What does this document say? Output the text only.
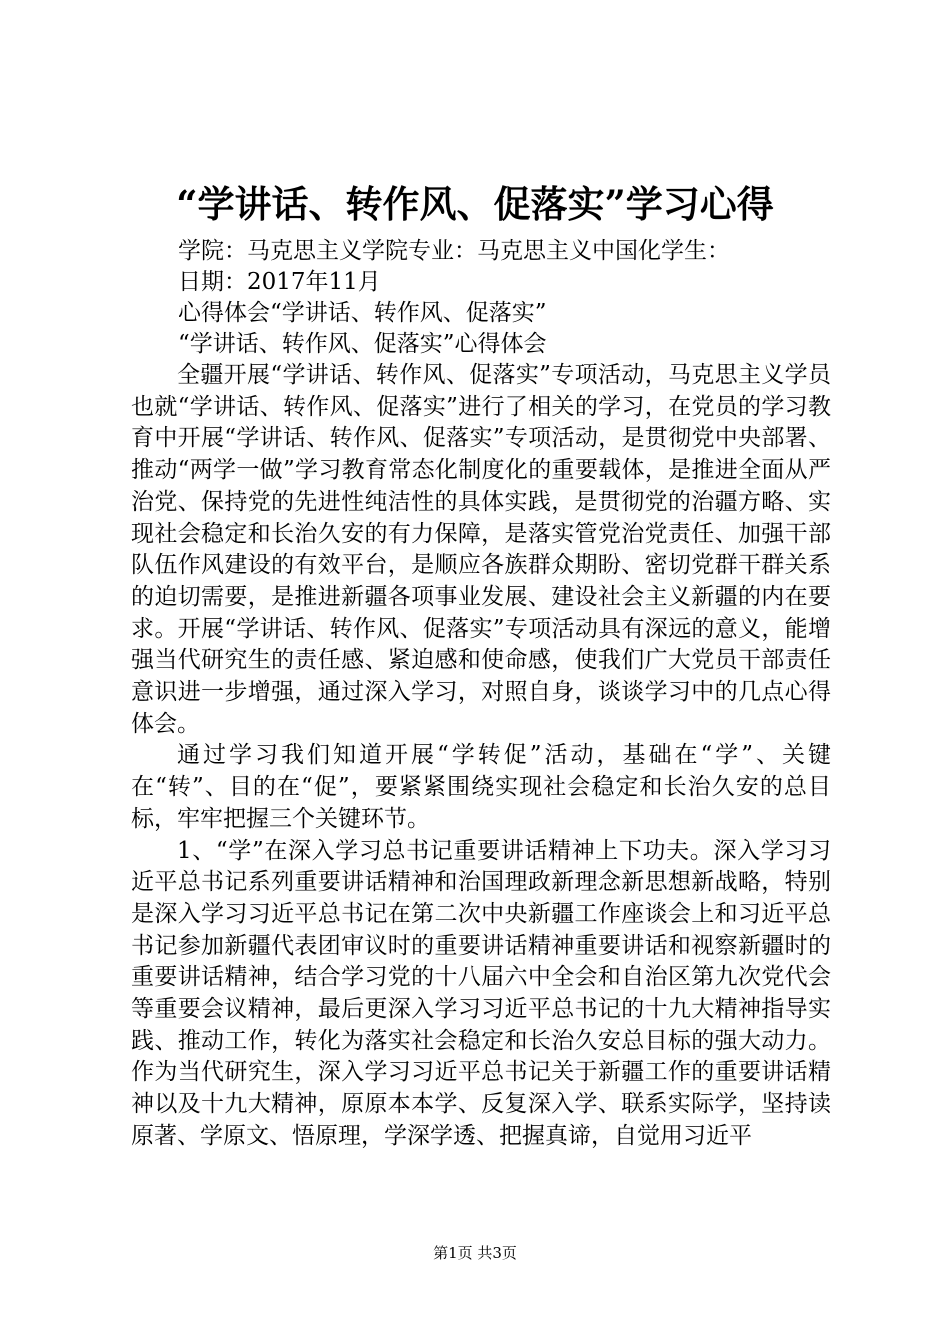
“学讲话、转作风、促落实”学习心得
学院：马克思主义学院专业：马克思主义中国化学生：
日期：2017年11月
心得体会“学讲话、转作风、促落实”
“学讲话、转作风、促落实”心得体会

全疆开展“学讲话、转作风、促落实”专项活动，马克思主义学员也就“学讲话、转作风、促落实”进行了相关的学习，在党员的学习教育中开展“学讲话、转作风、促落实”专项活动，是贯彻党中央部署、推动“两学一做”学习教育常态化制度化的重要载体，是推进全面从严治党、保持党的先进性纯洁性的具体实践，是贯彻党的治疆方略、实现社会稳定和长治久安的有力保障，是落实管党治党责任、加强干部队伍作风建设的有效平台，是顺应各族群众期盼、密切党群干群关系的迫切需要，是推进新疆各项事业发展、建设社会主义新疆的内在要求。开展“学讲话、转作风、促落实”专项活动具有深远的意义，能增强当代研究生的责任感、紧迫感和使命感，使我们广大党员干部责任意识进一步增强，通过深入学习，对照自身，谈谈学习中的几点心得体会。

通过学习我们知道开展“学转促”活动，基础在“学”、关键在“转”、目的在“促”，要紧紧围绕实现社会稳定和长治久安的总目标，牢牢把握三个关键环节。

1、“学”在深入学习总书记重要讲话精神上下功夫。深入学习习近平总书记系列重要讲话精神和治国理政新理念新思想新战略，特别是深入学习习近平总书记在第二次中央新疆工作座谈会上和习近平总书记参加新疆代表团审议时的重要讲话精神重要讲话和视察新疆时的重要讲话精神，结合学习党的十八届六中全会和自治区第九次党代会等重要会议精神，最后更深入学习习近平总书记的十九大精神指导实践、推动工作，转化为落实社会稳定和长治久安总目标的强大动力。作为当代研究生，深入学习习近平总书记关于新疆工作的重要讲话精神以及十九大精神，原原本本学、反复深入学、联系实际学，坚持读原著、学原文、悟原理，学深学透、把握真谛，自觉用习近平

第1页 共3页
